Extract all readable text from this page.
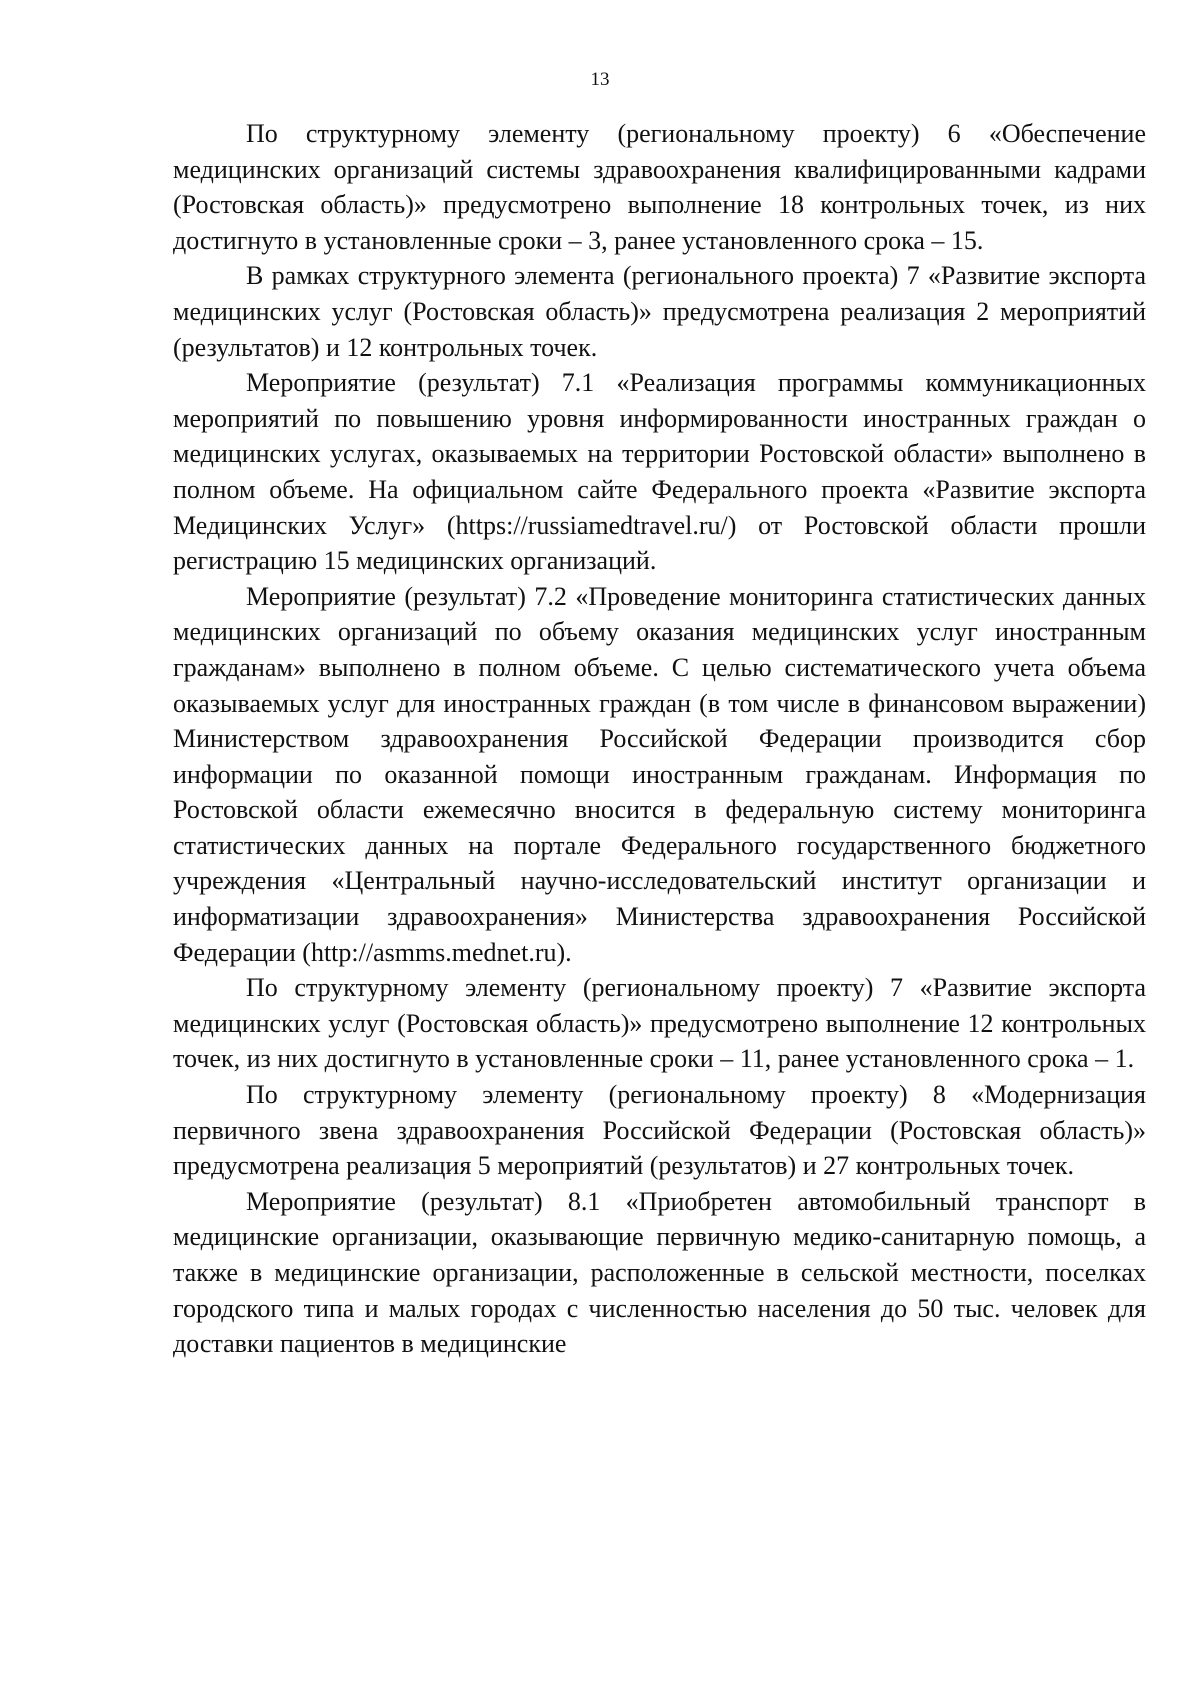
13

По структурному элементу (региональному проекту) 6 «Обеспечение медицинских организаций системы здравоохранения квалифицированными кадрами (Ростовская область)» предусмотрено выполнение 18 контрольных точек, из них достигнуто в установленные сроки – 3, ранее установленного срока – 15.

В рамках структурного элемента (регионального проекта) 7 «Развитие экспорта медицинских услуг (Ростовская область)» предусмотрена реализация 2 мероприятий (результатов) и 12 контрольных точек.

Мероприятие (результат) 7.1 «Реализация программы коммуникационных мероприятий по повышению уровня информированности иностранных граждан о медицинских услугах, оказываемых на территории Ростовской области» выполнено в полном объеме. На официальном сайте Федерального проекта «Развитие экспорта Медицинских Услуг» (https://russiamedtravel.ru/) от Ростовской области прошли регистрацию 15 медицинских организаций.

Мероприятие (результат) 7.2 «Проведение мониторинга статистических данных медицинских организаций по объему оказания медицинских услуг иностранным гражданам» выполнено в полном объеме. С целью систематического учета объема оказываемых услуг для иностранных граждан (в том числе в финансовом выражении) Министерством здравоохранения Российской Федерации производится сбор информации по оказанной помощи иностранным гражданам. Информация по Ростовской области ежемесячно вносится в федеральную систему мониторинга статистических данных на портале Федерального государственного бюджетного учреждения «Центральный научно-исследовательский институт организации и информатизации здравоохранения» Министерства здравоохранения Российской Федерации (http://asmms.mednet.ru).

По структурному элементу (региональному проекту) 7 «Развитие экспорта медицинских услуг (Ростовская область)» предусмотрено выполнение 12 контрольных точек, из них достигнуто в установленные сроки – 11, ранее установленного срока – 1.

По структурному элементу (региональному проекту) 8 «Модернизация первичного звена здравоохранения Российской Федерации (Ростовская область)» предусмотрена реализация 5 мероприятий (результатов) и 27 контрольных точек.

Мероприятие (результат) 8.1 «Приобретен автомобильный транспорт в медицинские организации, оказывающие первичную медико-санитарную помощь, а также в медицинские организации, расположенные в сельской местности, поселках городского типа и малых городах с численностью населения до 50 тыс. человек для доставки пациентов в медицинские
